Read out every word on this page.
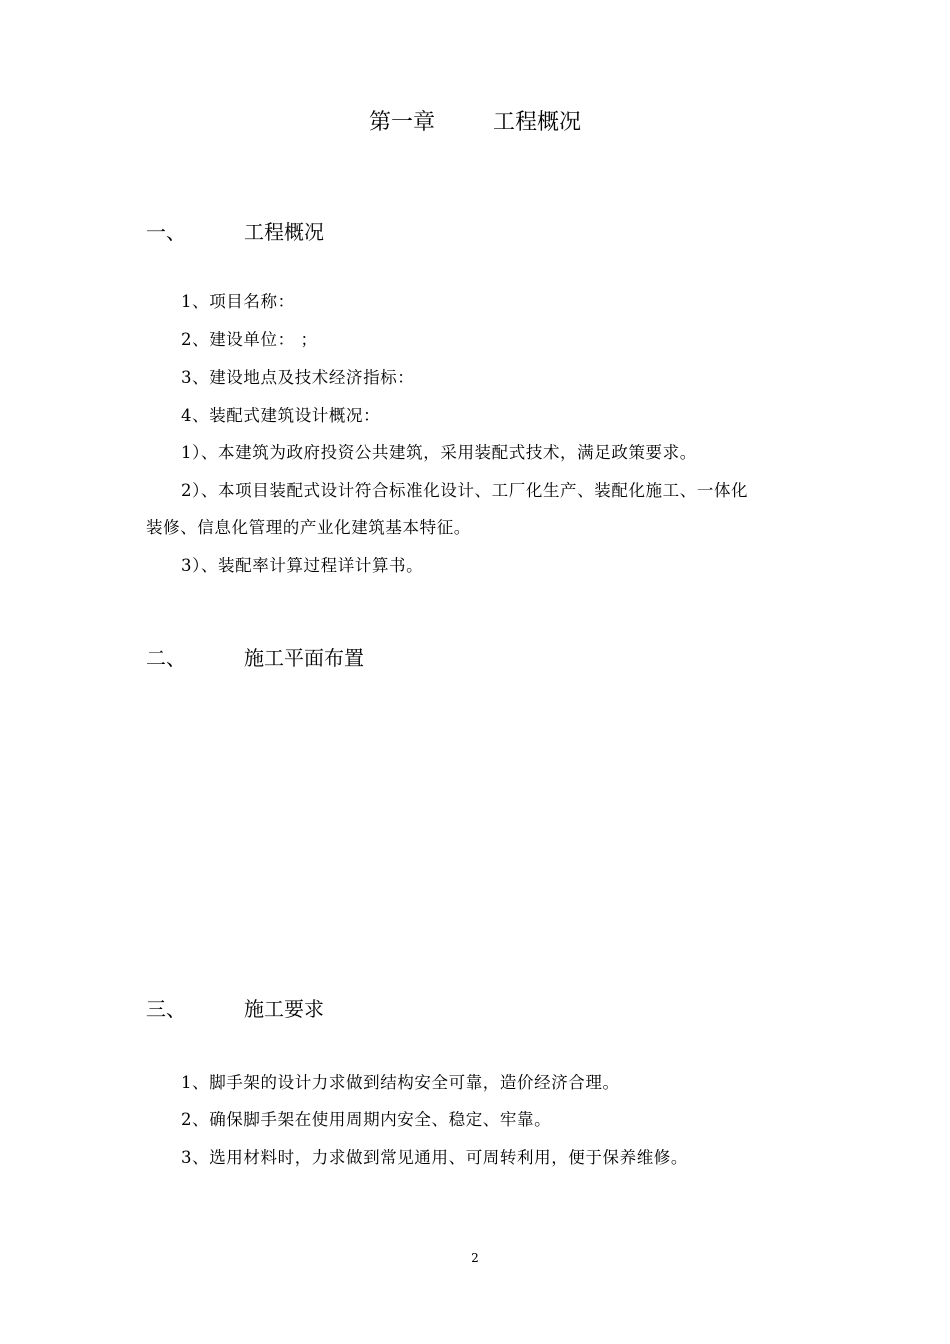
第一章	工程概况
一、	工程概况
1、项目名称：
2、建设单位： ；
3、建设地点及技术经济指标：
4、装配式建筑设计概况：
1）、本建筑为政府投资公共建筑，采用装配式技术，满足政策要求。
2）、本项目装配式设计符合标准化设计、工厂化生产、装配化施工、一体化
装修、信息化管理的产业化建筑基本特征。
3）、装配率计算过程详计算书。
二、	施工平面布置
三、	施工要求
1、脚手架的设计力求做到结构安全可靠，造价经济合理。
2、确保脚手架在使用周期内安全、稳定、牢靠。
3、选用材料时，力求做到常见通用、可周转利用，便于保养维修。
2
